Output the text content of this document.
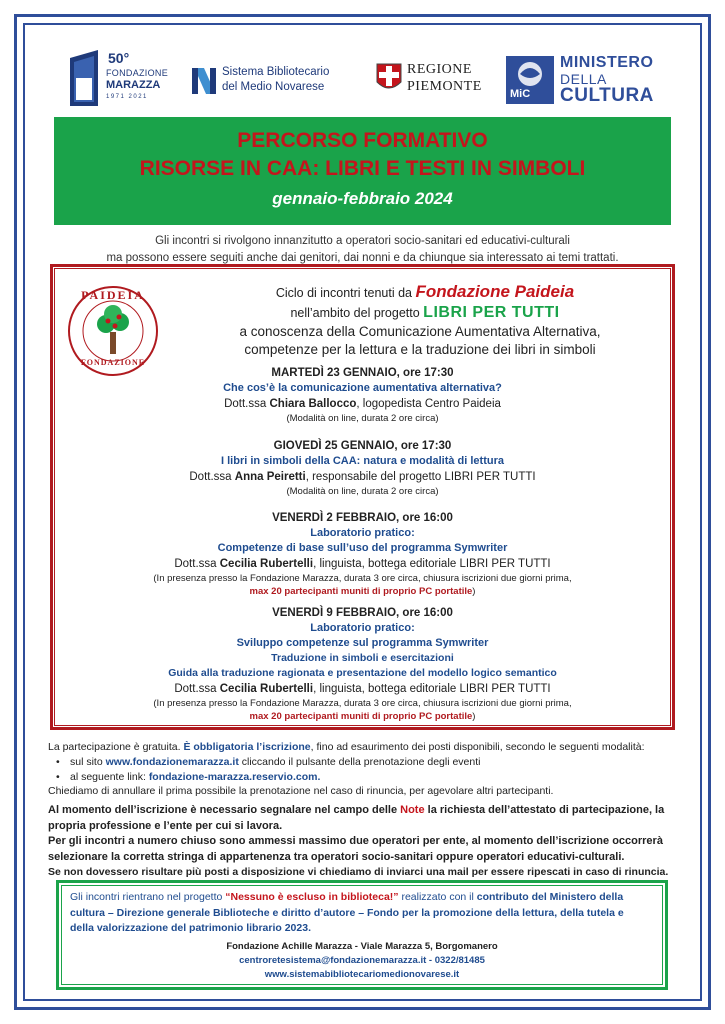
50°
FONDAZIONE
MARAZZA
1971 2021
Sistema Bibliotecario
del Medio Novarese
REGIONE
PIEMONTE	MiC
MINISTERO
DELLA
CULTURA
PERCORSO FORMATIVO
RISORSE IN CAA: LIBRI E TESTI IN SIMBOLI
gennaio-febbraio 2024
Gli incontri si rivolgono innanzitutto a operatori socio-sanitari ed educativi-culturali
ma possono essere seguiti anche dai genitori, dai nonni e da chiunque sia interessato ai temi trattati.
PAIDEIA
FONDAZIONE
Ciclo di incontri tenuti da Fondazione Paideia
nell’ambito del progetto LIBRI PER TUTTI
a conoscenza della Comunicazione Aumentativa Alternativa,
competenze per la lettura e la traduzione dei libri in simboli
MARTEDÌ 23 GENNAIO, ore 17:30
Che cos’è la comunicazione aumentativa alternativa?
Dott.ssa Chiara Ballocco, logopedista Centro Paideia
(Modalità on line, durata 2 ore circa)
GIOVEDÌ 25 GENNAIO, ore 17:30
I libri in simboli della CAA: natura e modalità di lettura
Dott.ssa Anna Peiretti, responsabile del progetto LIBRI PER TUTTI
(Modalità on line, durata 2 ore circa)
VENERDÌ 2 FEBBRAIO, ore 16:00
Laboratorio pratico:
Competenze di base sull’uso del programma Symwriter
Dott.ssa Cecilia Rubertelli, linguista, bottega editoriale LIBRI PER TUTTI
(In presenza presso la Fondazione Marazza, durata 3 ore circa, chiusura iscrizioni due giorni prima,
max 20 partecipanti muniti di proprio PC portatile)
VENERDÌ 9 FEBBRAIO, ore 16:00
Laboratorio pratico:
Sviluppo competenze sul programma Symwriter
Traduzione in simboli e esercitazioni
Guida alla traduzione ragionata e presentazione del modello logico semantico
Dott.ssa Cecilia Rubertelli, linguista, bottega editoriale LIBRI PER TUTTI
(In presenza presso la Fondazione Marazza, durata 3 ore circa, chiusura iscrizioni due giorni prima,
max 20 partecipanti muniti di proprio PC portatile)
La partecipazione è gratuita. È obbligatoria l’iscrizione, fino ad esaurimento dei posti disponibili, secondo le seguenti modalità:
• sul sito www.fondazionemarazza.it cliccando il pulsante della prenotazione degli eventi
• al seguente link: fondazione-marazza.reservio.com.
Chiediamo di annullare il prima possibile la prenotazione nel caso di rinuncia, per agevolare altri partecipanti.
Al momento dell’iscrizione è necessario segnalare nel campo delle Note la richiesta dell’attestato di partecipazione, la
propria professione e l’ente per cui si lavora.
Per gli incontri a numero chiuso sono ammessi massimo due operatori per ente, al momento dell’iscrizione occorrerà
selezionare la corretta stringa di appartenenza tra operatori socio-sanitari oppure operatori educativi-culturali.
Se non dovessero risultare più posti a disposizione vi chiediamo di inviarci una mail per essere ripescati in caso di rinuncia.
Gli incontri rientrano nel progetto “Nessuno è escluso in biblioteca!” realizzato con il contributo del Ministero della
cultura – Direzione generale Biblioteche e diritto d’autore – Fondo per la promozione della lettura, della tutela e
della valorizzazione del patrimonio librario 2023.
Fondazione Achille Marazza - Viale Marazza 5, Borgomanero
centroretesistema@fondazionemarazza.it - 0322/81485
www.sistemabibliotecariomedionovarese.it
